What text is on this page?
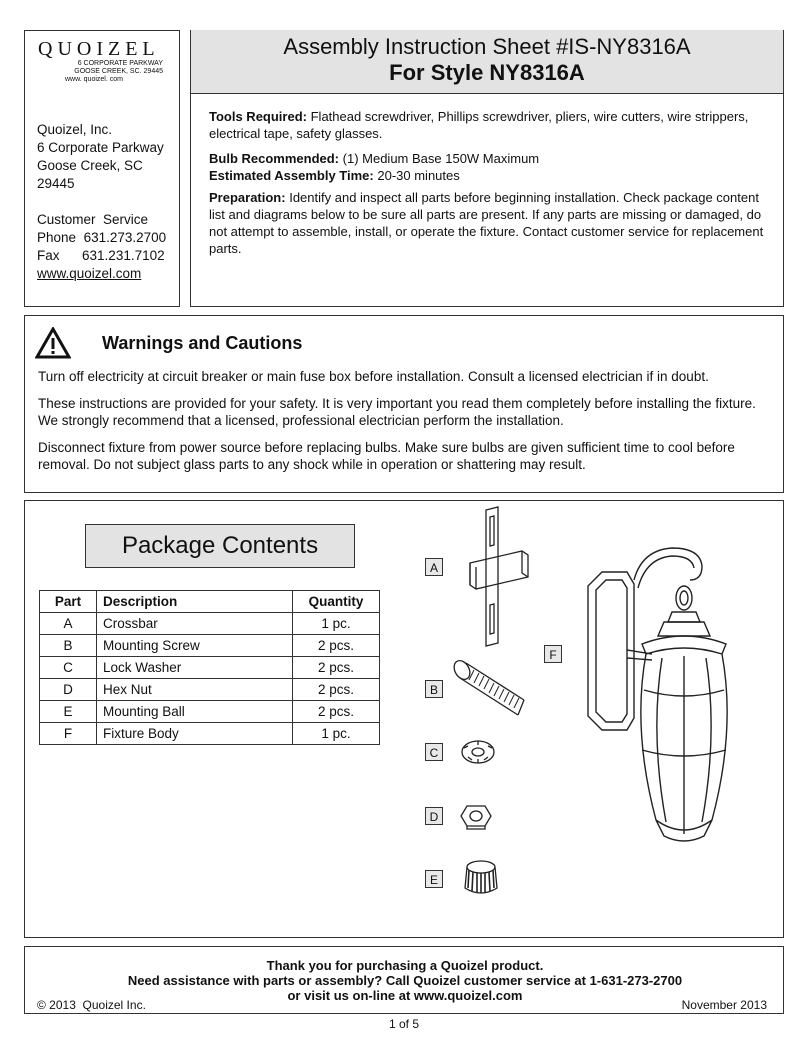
QUOIZEL
6 CORPORATE PARKWAY
GOOSE CREEK, SC. 29445
www. quoizel. com
Quoizel, Inc.
6 Corporate Parkway
Goose Creek, SC
29445
Customer  Service
Phone 631.273.2700
Fax 631.231.7102
www.quoizel.com
Assembly Instruction Sheet #IS-NY8316A
For Style NY8316A

Tools Required: Flathead screwdriver, Phillips screwdriver, pliers, wire cutters, wire strippers, electrical tape, safety glasses.

Bulb Recommended: (1) Medium Base 150W Maximum

Estimated Assembly Time: 20-30 minutes

Preparation: Identify and inspect all parts before beginning installation. Check package content list and diagrams below to be sure all parts are present. If any parts are missing or damaged, do not attempt to assemble, install, or operate the fixture. Contact customer service for replacement parts.

Warnings and Cautions

Turn off electricity at circuit breaker or main fuse box before installation. Consult a licensed electrician if in doubt.

These instructions are provided for your safety. It is very important you read them completely before installing the fixture. We strongly recommend that a licensed, professional electrician perform the installation.

Disconnect fixture from power source before replacing bulbs. Make sure bulbs are given sufficient time to cool before removal. Do not subject glass parts to any shock while in operation or shattering may result.

Package Contents
Part	Description	Quantity
A	Crossbar	1 pc.
B	Mounting Screw	2 pcs.
C	Lock Washer	2 pcs.
D	Hex Nut	2 pcs.
E	Mounting Ball	2 pcs.
F	Fixture Body	1 pc.
A
B
C
D
E
F
Thank you for purchasing a Quoizel product.
Need assistance with parts or assembly? Call Quoizel customer service at 1-631-273-2700
or visit us on-line at www.quoizel.com
© 2013  Quoizel Inc.	November 2013
1 of 5
